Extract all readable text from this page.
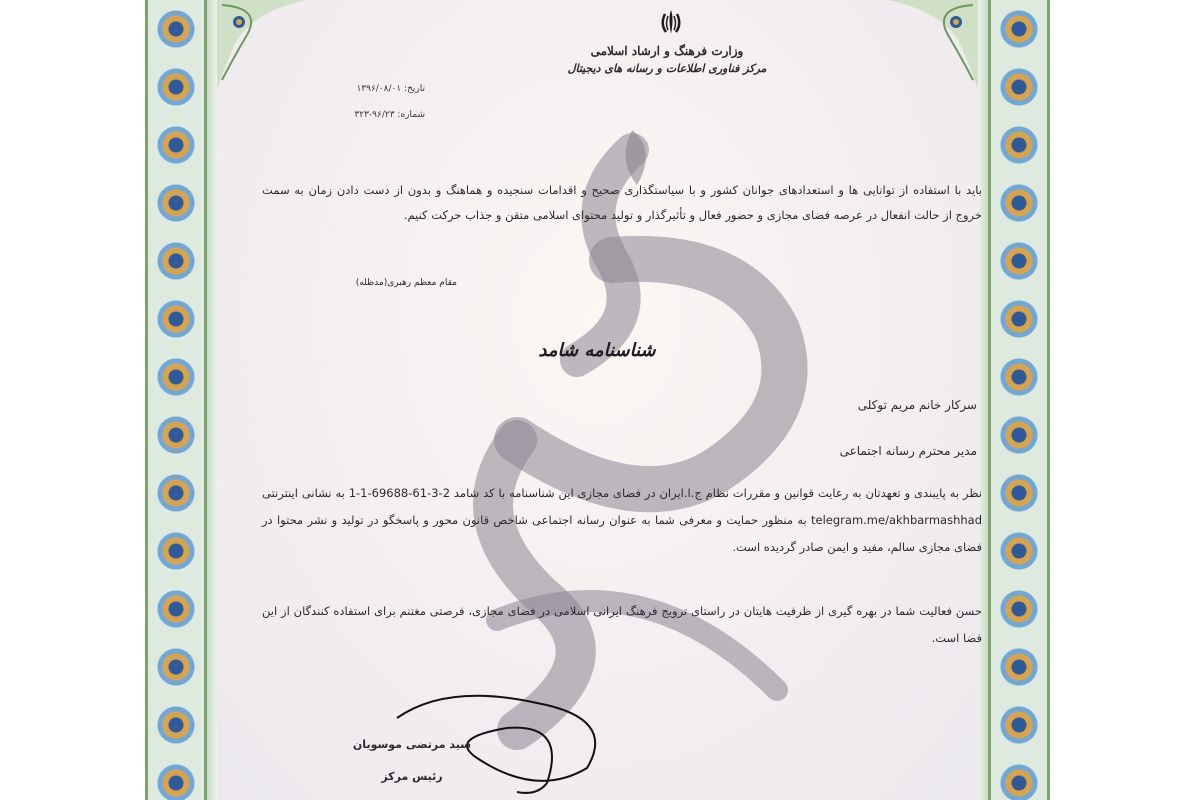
وزارت فرهنگ و ارشاد اسلامی
مرکز فناوری اطلاعات و رسانه های دیجیتال
تاریخ: ۱۳۹۶/۰۸/۰۱
شماره: ۹۶/۲۳-۳۲۳
باید با استفاده از توانایی ها و استعدادهای جوانان کشور و با سیاستگذاری صحیح و اقدامات سنجیده و هماهنگ و بدون از دست دادن زمان به سمت خروج از حالت انفعال در عرصه فضای مجازی و حضور فعال و تأثیرگذار و تولید محتوای اسلامی متقن و جذاب حرکت کنیم.
مقام معظم رهبری(مدظله)
شناسنامه شامد
سرکار خانم مریم توکلی
مدیر محترم رسانه اجتماعی
نظر به پایبندی و تعهدتان به رعایت قوانین و مقررات نظام ج.ا.ایران در فضای مجازی این شناسنامه با کد شامد 2-3-61-69688-1-1 به نشانی اینترنتی telegram.me/akhbarmashhad به منظور حمایت و معرفی شما به عنوان رسانه اجتماعی شاخص قانون محور و پاسخگو در تولید و نشر محتوا در فضای مجازی سالم، مفید و ایمن صادر گردیده است.
حسن فعالیت شما در بهره گیری از ظرفیت هایتان در راستای ترویج فرهنگ ایرانی اسلامی در فضای مجازی، فرصتی مغتنم برای استفاده کنندگان از این فضا است.
سید مرتضی موسویان
رئیس مرکز
